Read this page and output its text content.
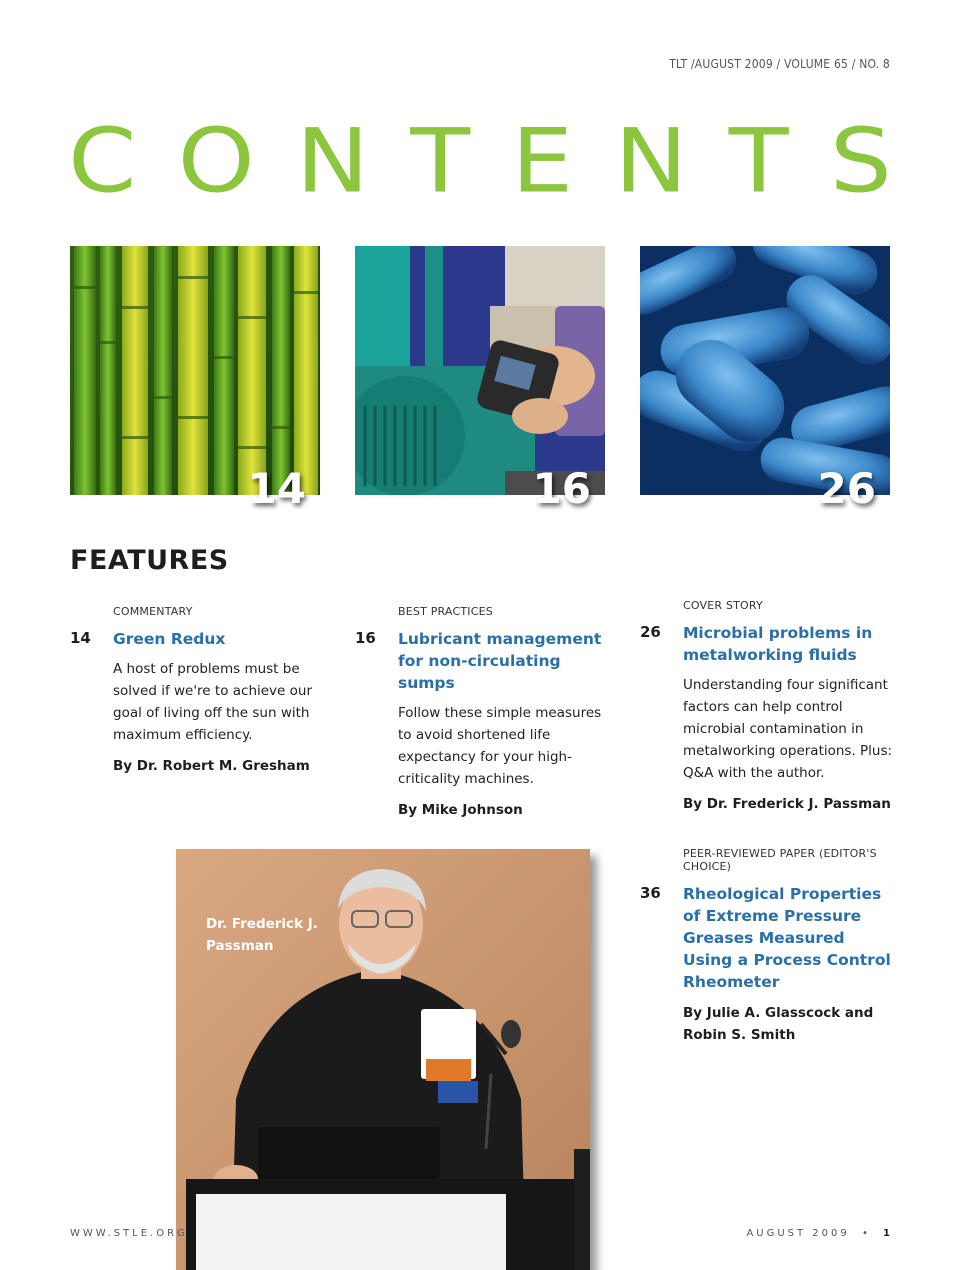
TLT /AUGUST 2009 / VOLUME 65 / NO. 8
C O N T E N T S
14	16	26
FEATURES
COMMENTARY
14	Green Redux
A host of problems must be solved if we're to achieve our goal of living off the sun with maximum efficiency.
By Dr. Robert M. Gresham
BEST PRACTICES
16	Lubricant management for non-circulating sumps
Follow these simple measures to avoid shortened life expectancy for your high-criticality machines.
By Mike Johnson
COVER STORY
26	Microbial problems in metalworking fluids
Understanding four significant factors can help control microbial contamination in metalworking operations. Plus: Q&A with the author.
By Dr. Frederick J. Passman
PEER-REVIEWED PAPER (EDITOR'S CHOICE)
36	Rheological Properties of Extreme Pressure Greases Measured Using a Process Control Rheometer
By Julie A. Glasscock and Robin S. Smith
Dr. Frederick J. Passman
WWW.STLE.ORG	AUGUST 2009 • 1
